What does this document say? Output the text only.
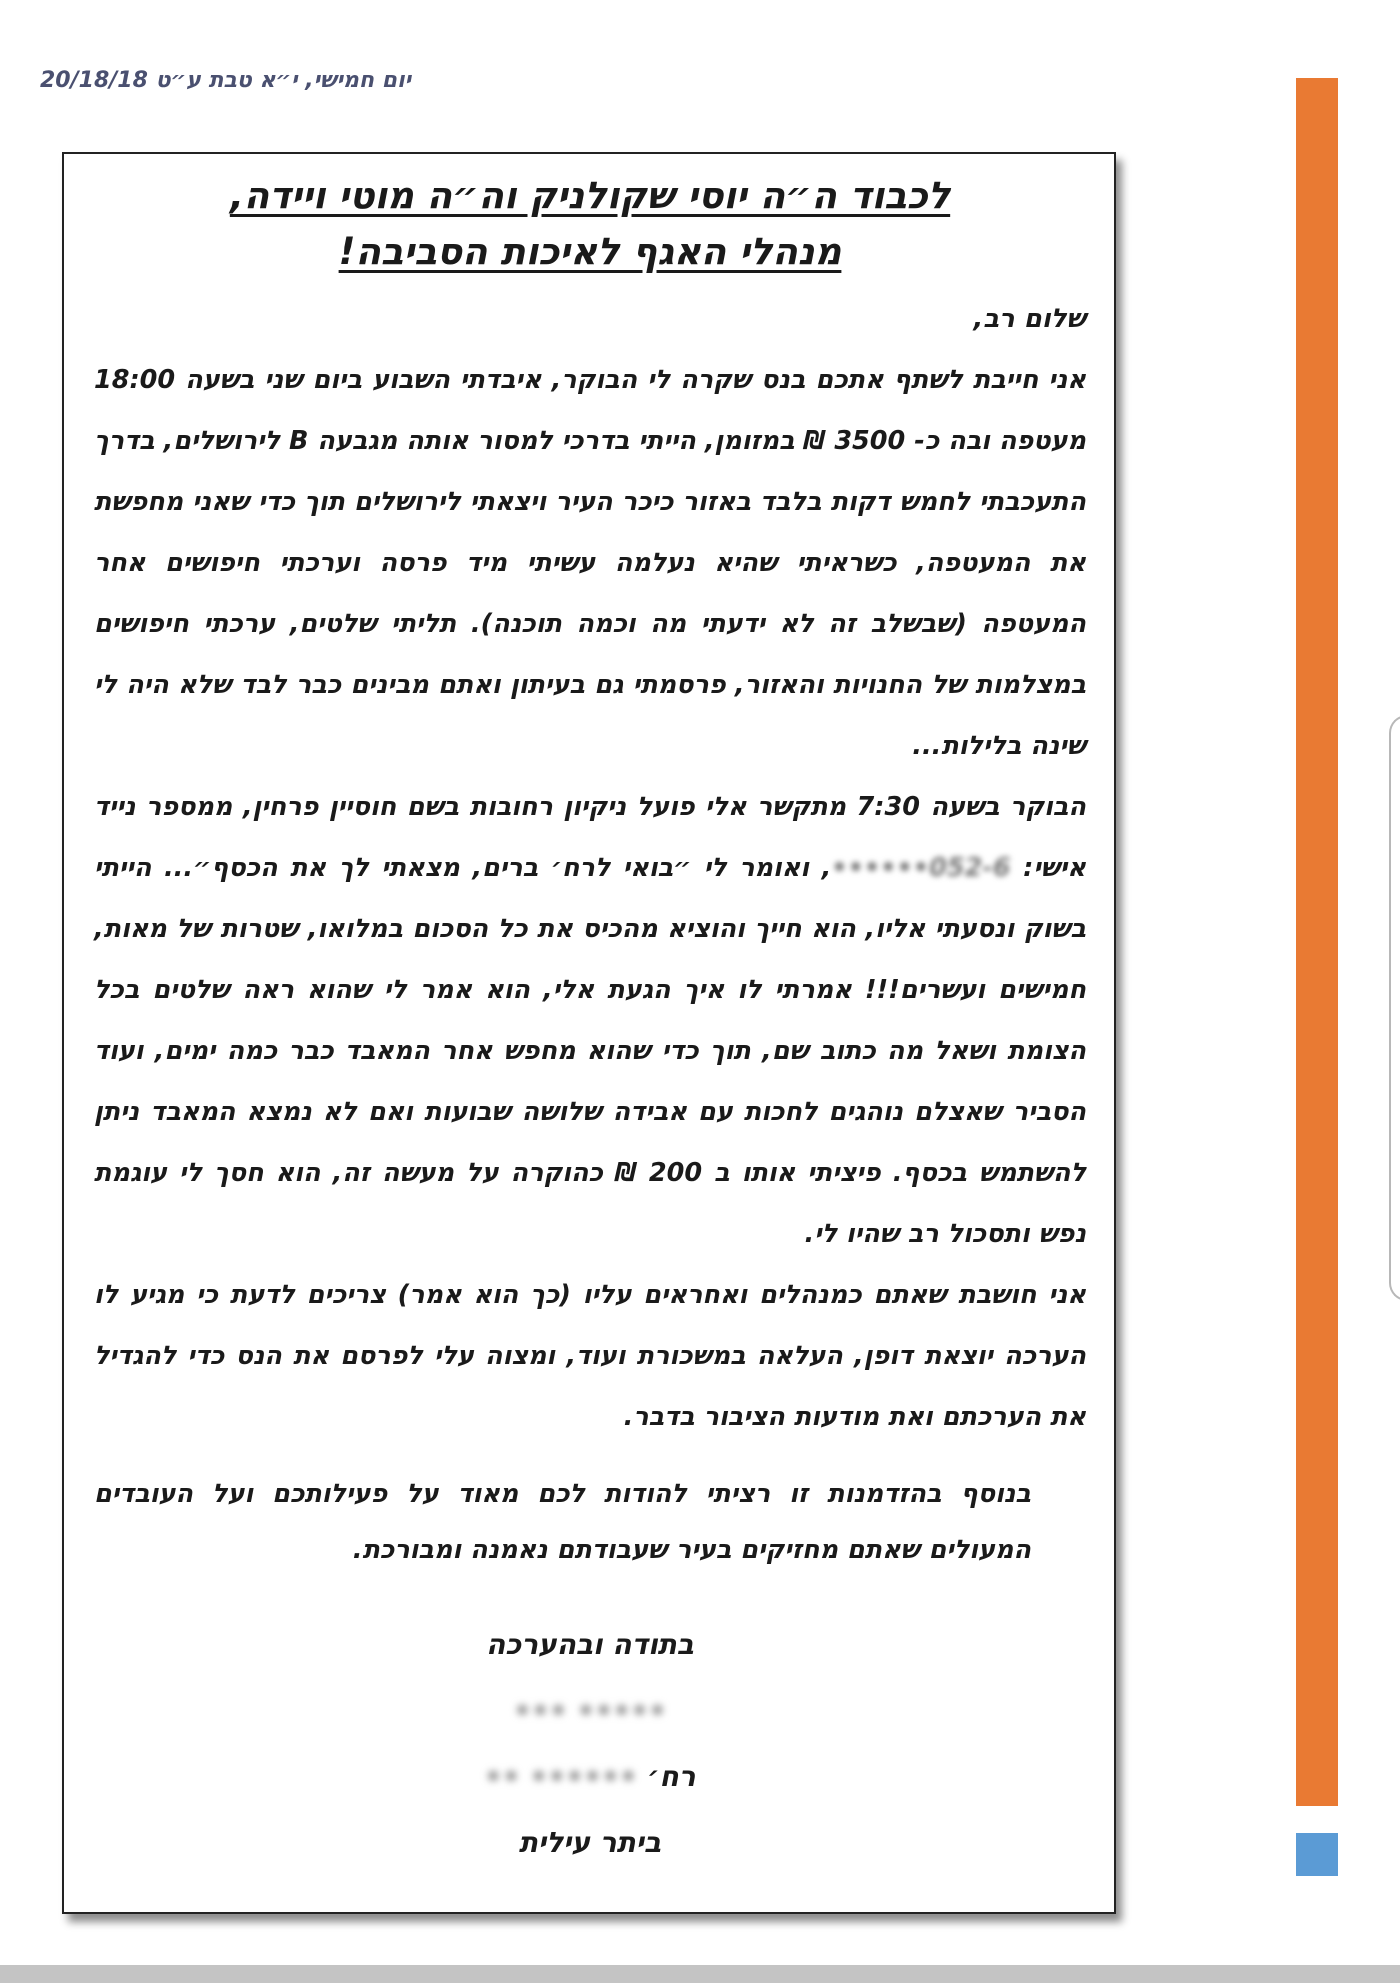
יום חמישי, י״א טבת ע״ט 20/18/18
לכבוד ה״ה יוסי שקולניק וה״ה מוטי ויידה,
מנהלי האגף לאיכות הסביבה!

שלום רב,

אני חייבת לשתף אתכם בנס שקרה לי הבוקר, איבדתי השבוע ביום שני בשעה 18:00 מעטפה ובה כ- 3500 ₪ במזומן, הייתי בדרכי למסור אותה מגבעה B לירושלים, בדרך התעכבתי לחמש דקות בלבד באזור כיכר העיר ויצאתי לירושלים תוך כדי שאני מחפשת את המעטפה, כשראיתי שהיא נעלמה עשיתי מיד פרסה וערכתי חיפושים אחר המעטפה (שבשלב זה לא ידעתי מה וכמה תוכנה). תליתי שלטים, ערכתי חיפושים במצלמות של החנויות והאזור, פרסמתי גם בעיתון ואתם מבינים כבר לבד שלא היה לי שינה בלילות...

הבוקר בשעה 7:30 מתקשר אלי פועל ניקיון רחובות בשם חוסיין פרחין, ממספר נייד אישי: 052-6••••••, ואומר לי ״בואי לרח׳ ברים, מצאתי לך את הכסף״... הייתי בשוק ונסעתי אליו, הוא חייך והוציא מהכיס את כל הסכום במלואו, שטרות של מאות, חמישים ועשרים!!! אמרתי לו איך הגעת אלי, הוא אמר לי שהוא ראה שלטים בכל הצומת ושאל מה כתוב שם, תוך כדי שהוא מחפש אחר המאבד כבר כמה ימים, ועוד הסביר שאצלם נוהגים לחכות עם אבידה שלושה שבועות ואם לא נמצא המאבד ניתן להשתמש בכסף. פיציתי אותו ב 200 ₪ כהוקרה על מעשה זה, הוא חסך לי עוגמת נפש ותסכול רב שהיו לי.

אני חושבת שאתם כמנהלים ואחראים עליו (כך הוא אמר) צריכים לדעת כי מגיע לו הערכה יוצאת דופן, העלאה במשכורת ועוד, ומצוה עלי לפרסם את הנס כדי להגדיל את הערכתם ואת מודעות הציבור בדבר.

בנוסף בהזדמנות זו רציתי להודות לכם מאוד על פעילותכם ועל העובדים המעולים שאתם מחזיקים בעיר שעבודתם נאמנה ומבורכת.

בתודה ובהערכה
••••• •••
רח׳ •••••• ••
ביתר עילית
